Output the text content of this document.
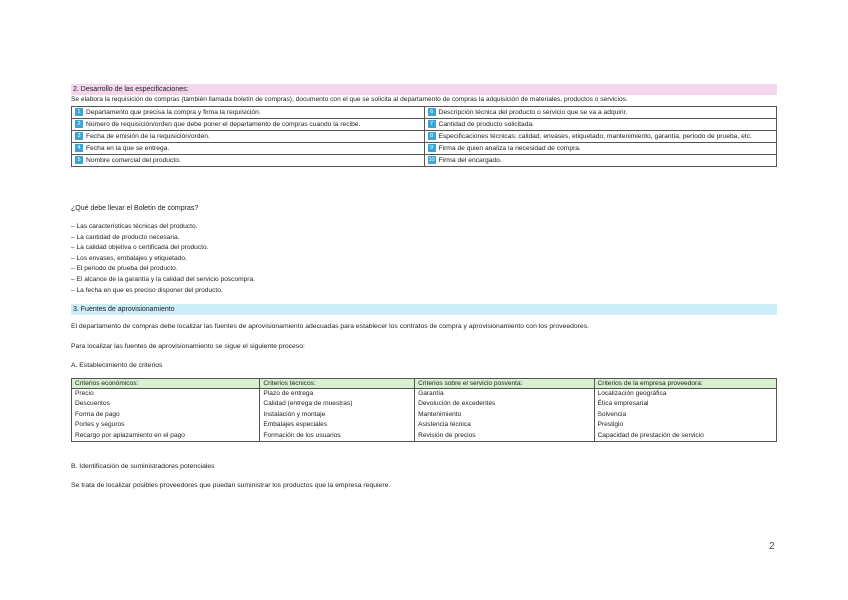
2. Desarrollo de las especificaciones:
Se elabora la requisición de compras (también llamada boletín de compras), documento con el que se solicita al departamento de compras la adquisición de materiales, productos o servicios.
1 Departamento que precisa la compra y firma la requisición.	6 Descripción técnica del producto o servicio que se va a adquirir.
2 Número de requisición/orden que debe poner el departamento de compras cuando la recibe.	7 Cantidad de producto solicitada.
3 Fecha de emisión de la requisición/orden.	8 Especificaciones técnicas: calidad, envases, etiquetado, mantenimiento, garantía, período de prueba, etc.
4 Fecha en la que se entrega.	9 Firma de quien analiza la necesidad de compra.
5 Nombre comercial del producto.	10 Firma del encargado.
¿Qué debe llevar el Boletín de compras?
– Las características técnicas del producto.
– La cantidad de producto necesaria.
– La calidad objetiva o certificada del producto.
– Los envases, embalajes y etiquetado.
– El periodo de prueba del producto.
– El alcance de la garantía y la calidad del servicio poscompra.
– La fecha en que es preciso disponer del producto.
3. Fuentes de aprovisionamiento
El departamento de compras debe localizar las fuentes de aprovisionamiento adecuadas para establecer los contratos de compra y aprovisionamiento con los proveedores.
Para localizar las fuentes de aprovisionamiento se sigue el siguiente proceso:
A. Establecimiento de criterios
Criterios económicos:	Criterios técnicos:	Criterios sobre el servicio posventa:	Criterios de la empresa proveedora:
Precio	Plazo de entrega	Garantía	Localización geográfica
Descuentos	Calidad (entrega de muestras)	Devolución de excedentes	Ética empresarial
Forma de pago	Instalación y montaje	Mantenimiento	Solvencia
Portes y seguros	Embalajes especiales	Asistencia técnica	Prestigio
Recargo por aplazamiento en el pago	Formación de los usuarios	Revisión de precios	Capacidad de prestación de servicio
B. Identificación de suministradores potenciales
Se trata de localizar posibles proveedores que puedan suministrar los productos que la empresa requiere.
2
